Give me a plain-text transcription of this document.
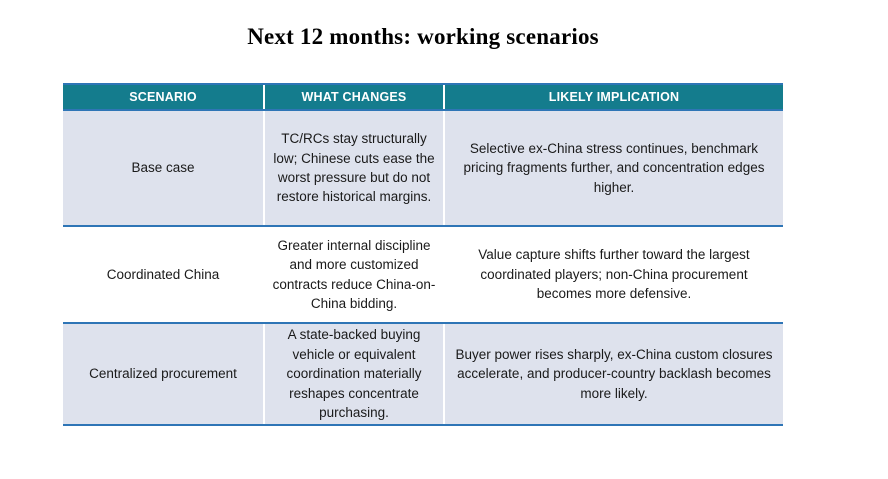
Next 12 months: working scenarios
SCENARIO	WHAT CHANGES	LIKELY IMPLICATION
Base case
TC/RCs stay structurally low; Chinese cuts ease the worst pressure but do not restore historical margins.
Selective ex-China stress continues, benchmark pricing fragments further, and concentration edges higher.
Coordinated China
Greater internal discipline and more customized contracts reduce China-on-China bidding.
Value capture shifts further toward the largest coordinated players; non-China procurement becomes more defensive.
Centralized procurement
A state-backed buying vehicle or equivalent coordination materially reshapes concentrate purchasing.
Buyer power rises sharply, ex-China custom closures accelerate, and producer-country backlash becomes more likely.
